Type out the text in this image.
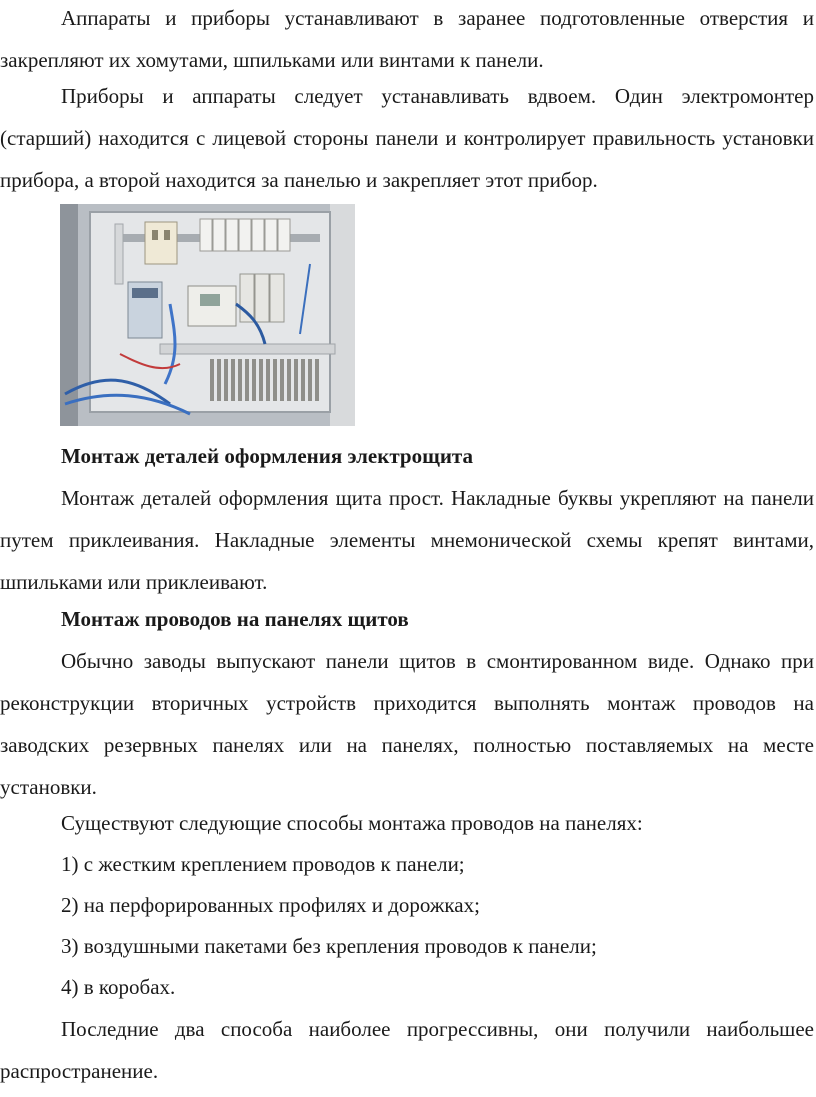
Аппараты и приборы устанавливают в заранее подготовленные отверстия и закрепляют их хомутами, шпильками или винтами к панели.

Приборы и аппараты следует устанавливать вдвоем. Один электромонтер (старший) находится с лицевой стороны панели и контролирует правильность установки прибора, а второй находится за панелью и закрепляет этот прибор.

Монтаж деталей оформления электрощита

Монтаж деталей оформления щита прост. Накладные буквы укрепляют на панели путем приклеивания. Накладные элементы мнемонической схемы крепят винтами, шпильками или приклеивают.

Монтаж проводов на панелях щитов

Обычно заводы выпускают панели щитов в смонтированном виде. Однако при реконструкции вторичных устройств приходится выполнять монтаж проводов на заводских резервных панелях или на панелях, полностью поставляемых на месте установки.

Существуют следующие способы монтажа проводов на панелях:

1) с жестким креплением проводов к панели;

2) на перфорированных профилях и дорожках;

3) воздушными пакетами без крепления проводов к панели;

4) в коробах.

Последние два способа наиболее прогрессивны, они получили наибольшее распространение.
